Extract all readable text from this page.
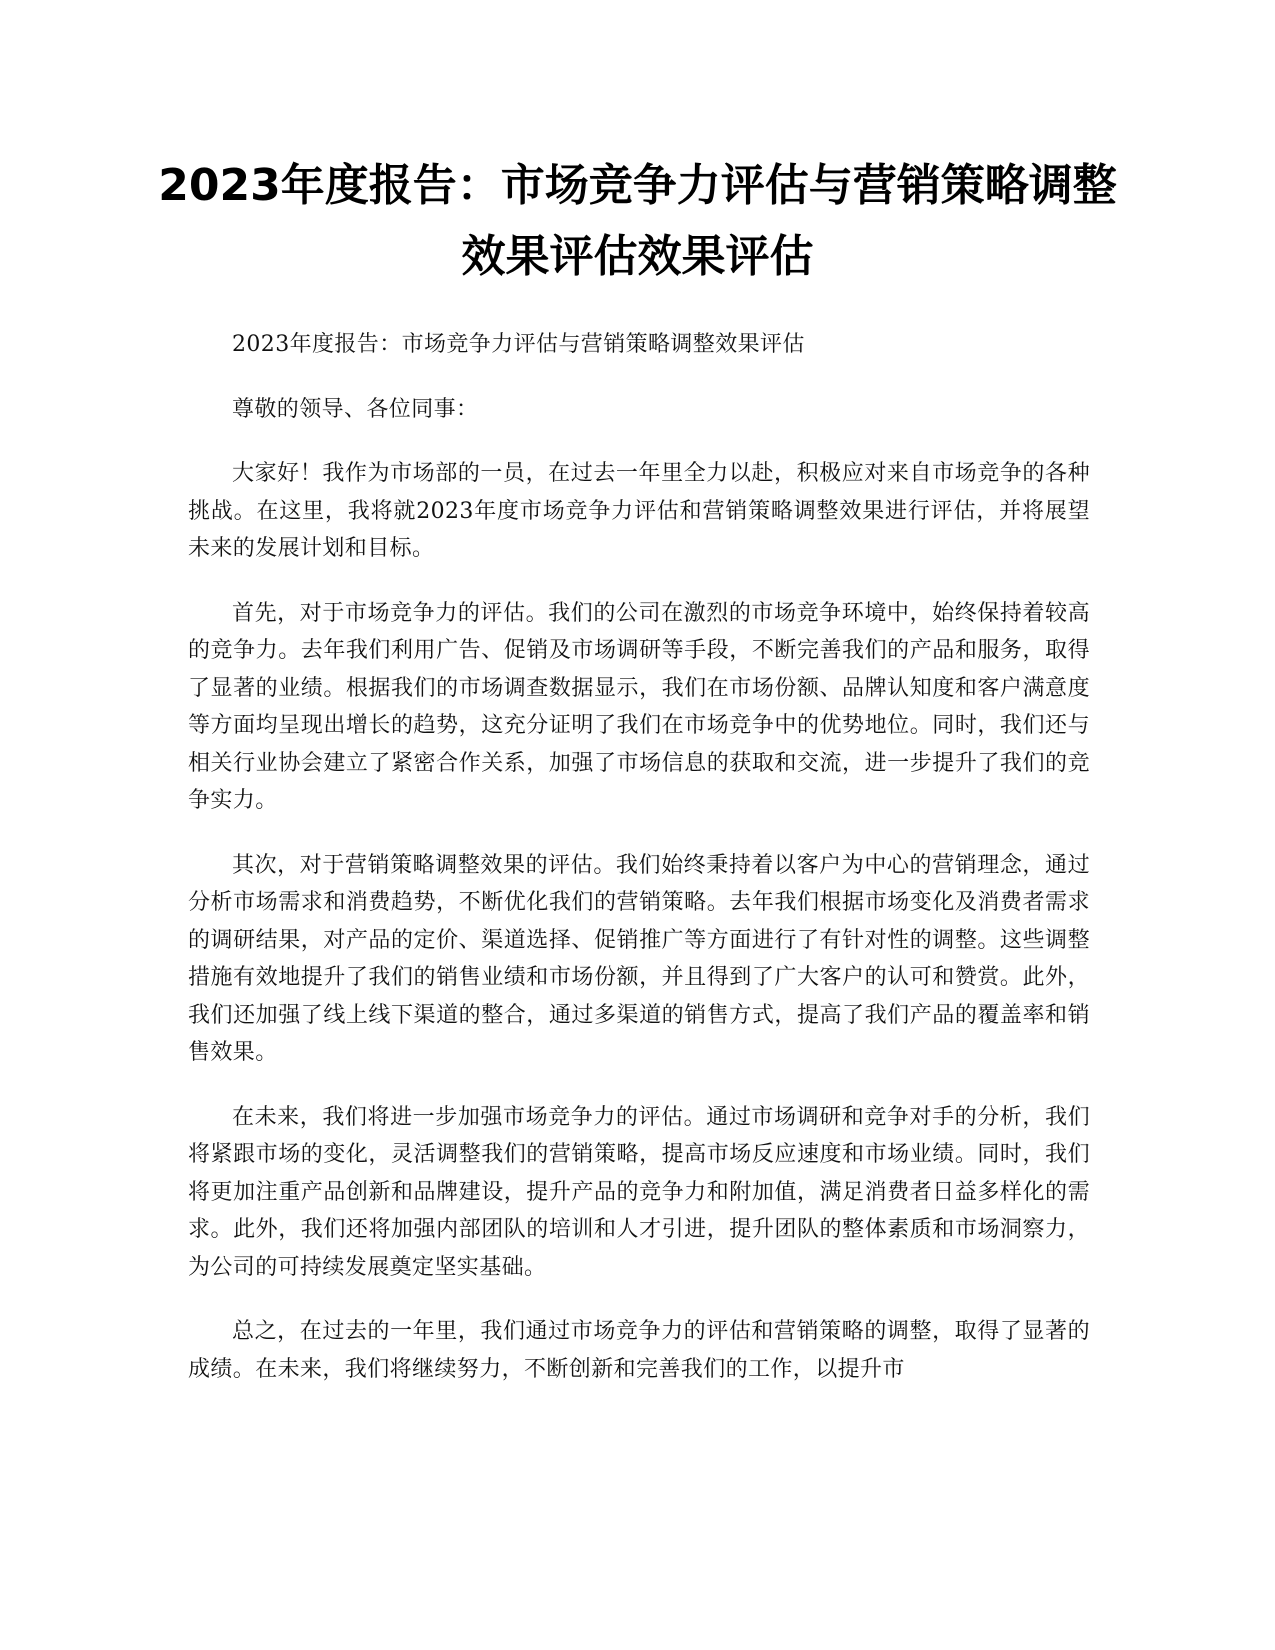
2023年度报告：市场竞争力评估与营销策略调整效果评估效果评估

2023年度报告：市场竞争力评估与营销策略调整效果评估

尊敬的领导、各位同事：

大家好！我作为市场部的一员，在过去一年里全力以赴，积极应对来自市场竞争的各种挑战。在这里，我将就2023年度市场竞争力评估和营销策略调整效果进行评估，并将展望未来的发展计划和目标。

首先，对于市场竞争力的评估。我们的公司在激烈的市场竞争环境中，始终保持着较高的竞争力。去年我们利用广告、促销及市场调研等手段，不断完善我们的产品和服务，取得了显著的业绩。根据我们的市场调查数据显示，我们在市场份额、品牌认知度和客户满意度等方面均呈现出增长的趋势，这充分证明了我们在市场竞争中的优势地位。同时，我们还与相关行业协会建立了紧密合作关系，加强了市场信息的获取和交流，进一步提升了我们的竞争实力。

其次，对于营销策略调整效果的评估。我们始终秉持着以客户为中心的营销理念，通过分析市场需求和消费趋势，不断优化我们的营销策略。去年我们根据市场变化及消费者需求的调研结果，对产品的定价、渠道选择、促销推广等方面进行了有针对性的调整。这些调整措施有效地提升了我们的销售业绩和市场份额，并且得到了广大客户的认可和赞赏。此外，我们还加强了线上线下渠道的整合，通过多渠道的销售方式，提高了我们产品的覆盖率和销售效果。

在未来，我们将进一步加强市场竞争力的评估。通过市场调研和竞争对手的分析，我们将紧跟市场的变化，灵活调整我们的营销策略，提高市场反应速度和市场业绩。同时，我们将更加注重产品创新和品牌建设，提升产品的竞争力和附加值，满足消费者日益多样化的需求。此外，我们还将加强内部团队的培训和人才引进，提升团队的整体素质和市场洞察力，为公司的可持续发展奠定坚实基础。

总之，在过去的一年里，我们通过市场竞争力的评估和营销策略的调整，取得了显著的成绩。在未来，我们将继续努力，不断创新和完善我们的工作，以提升市
